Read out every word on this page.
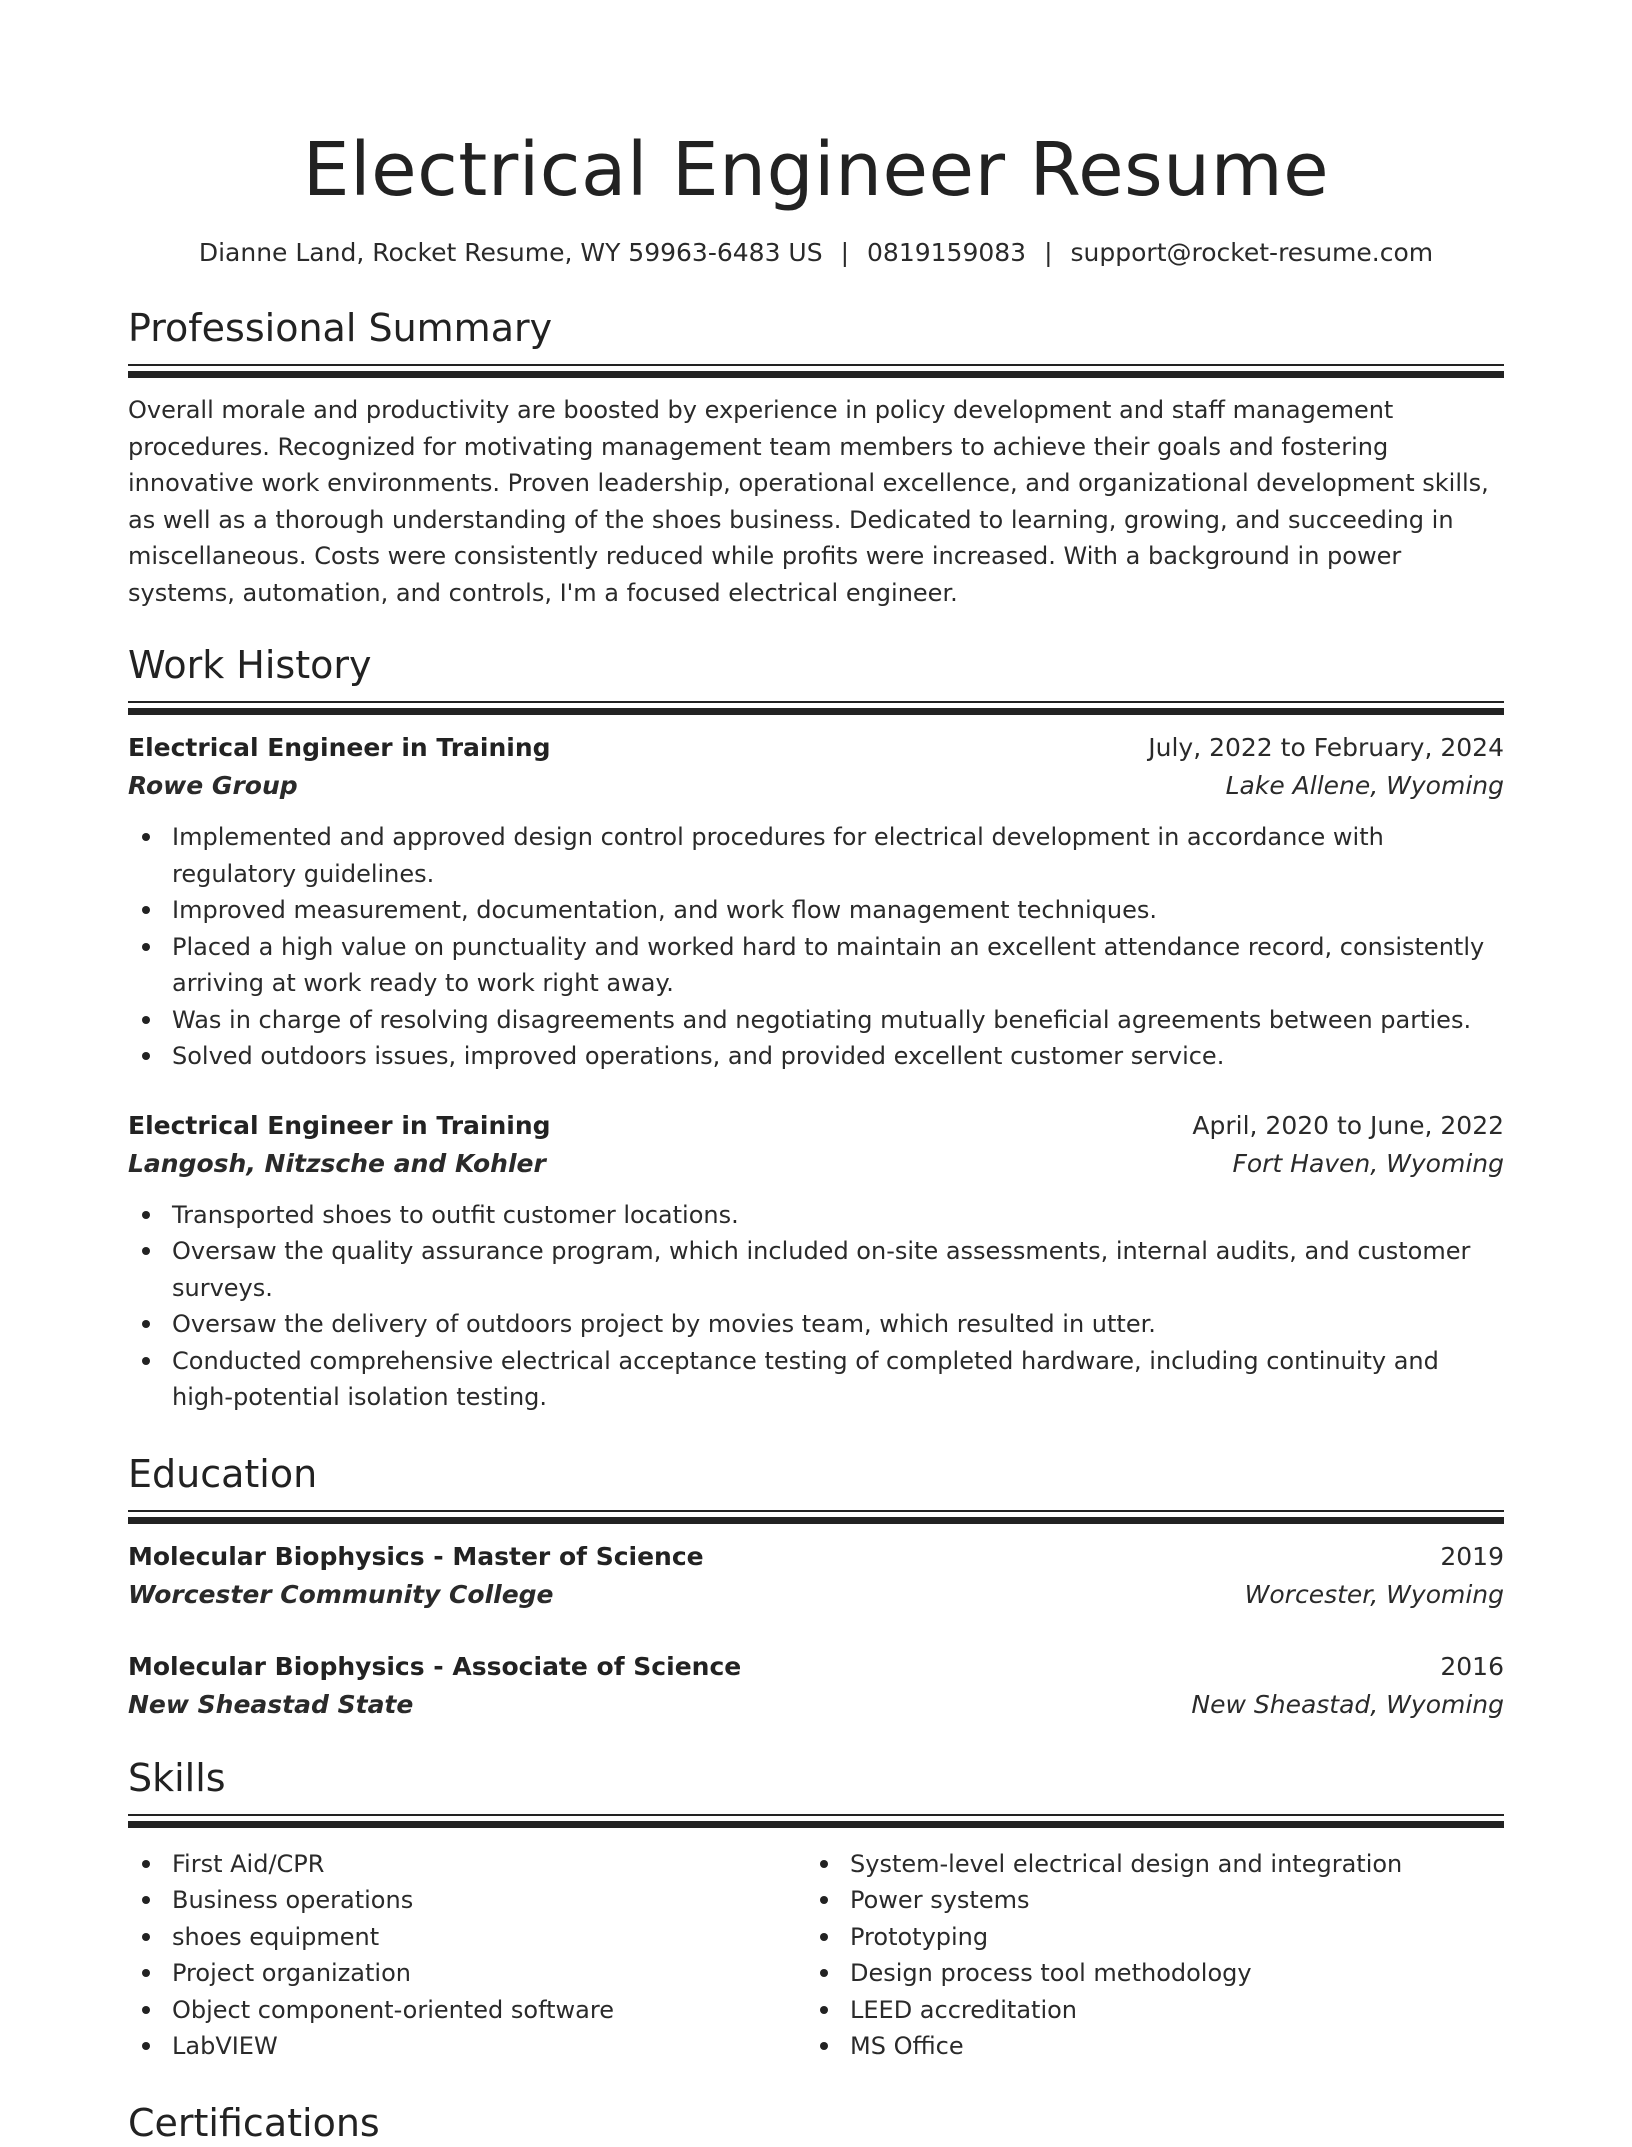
Electrical Engineer Resume
Dianne Land, Rocket Resume, WY 59963-6483 US | 0819159083 | support@rocket-resume.com
Professional Summary

Overall morale and productivity are boosted by experience in policy development and staff management procedures. Recognized for motivating management team members to achieve their goals and fostering innovative work environments. Proven leadership, operational excellence, and organizational development skills, as well as a thorough understanding of the shoes business. Dedicated to learning, growing, and succeeding in miscellaneous. Costs were consistently reduced while profits were increased. With a background in power systems, automation, and controls, I'm a focused electrical engineer.

Work History
Electrical Engineer in Training	July, 2022 to February, 2024
Rowe Group	Lake Allene, Wyoming
Implemented and approved design control procedures for electrical development in accordance with regulatory guidelines.
Improved measurement, documentation, and work flow management techniques.
Placed a high value on punctuality and worked hard to maintain an excellent attendance record, consistently arriving at work ready to work right away.
Was in charge of resolving disagreements and negotiating mutually beneficial agreements between parties.
Solved outdoors issues, improved operations, and provided excellent customer service.
Electrical Engineer in Training	April, 2020 to June, 2022
Langosh, Nitzsche and Kohler	Fort Haven, Wyoming
Transported shoes to outfit customer locations.
Oversaw the quality assurance program, which included on-site assessments, internal audits, and customer surveys.
Oversaw the delivery of outdoors project by movies team, which resulted in utter.
Conducted comprehensive electrical acceptance testing of completed hardware, including continuity and high-potential isolation testing.
Education
Molecular Biophysics - Master of Science	2019
Worcester Community College	Worcester, Wyoming
Molecular Biophysics - Associate of Science	2016
New Sheastad State	New Sheastad, Wyoming
Skills
First Aid/CPR
Business operations
shoes equipment
Project organization
Object component-oriented software
LabVIEW
System-level electrical design and integration
Power systems
Prototyping
Design process tool methodology
LEED accreditation
MS Office
Certifications
